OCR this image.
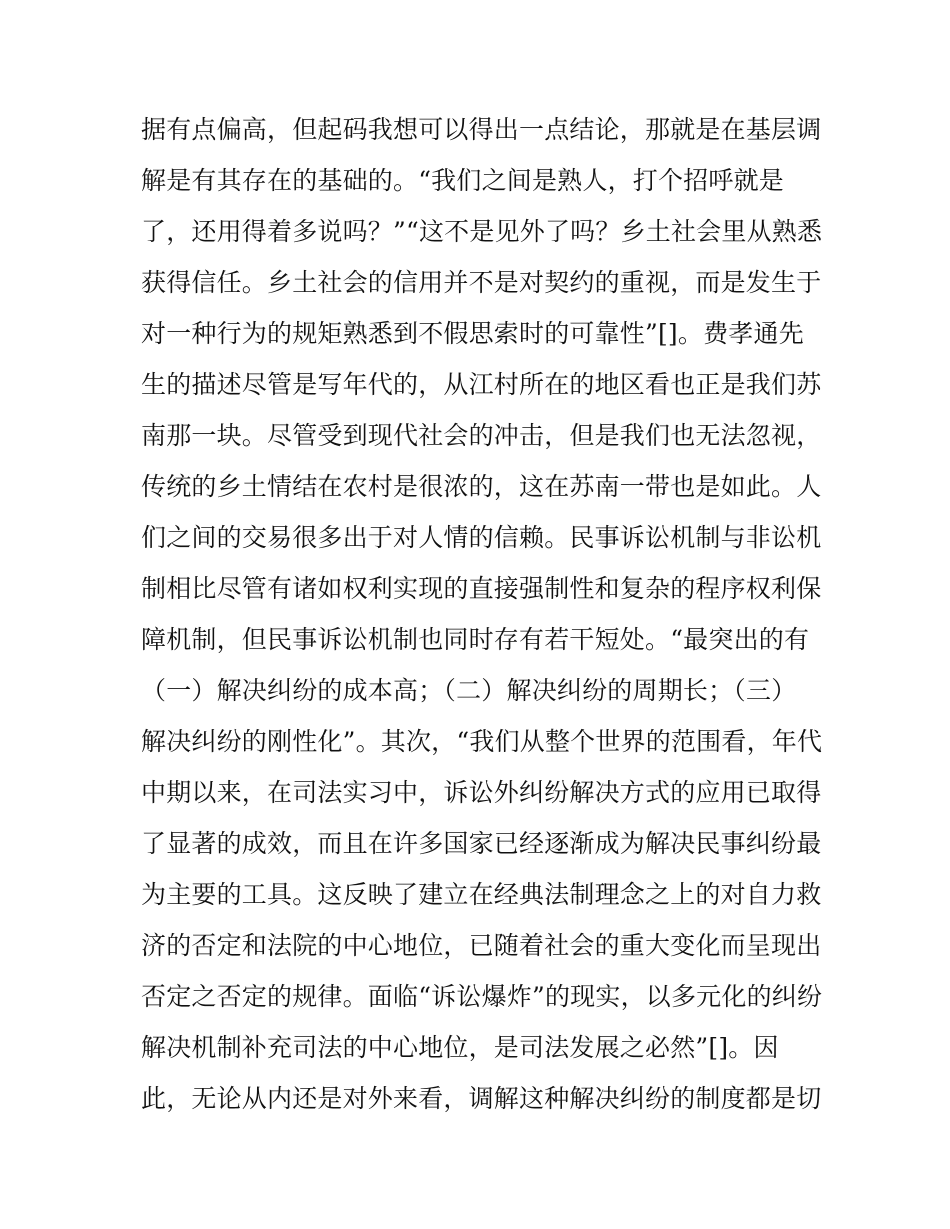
据有点偏高，但起码我想可以得出一点结论，那就是在基层调
解是有其存在的基础的。“我们之间是熟人，打个招呼就是
了，还用得着多说吗？”“这不是见外了吗？乡土社会里从熟悉
获得信任。乡土社会的信用并不是对契约的重视，而是发生于
对一种行为的规矩熟悉到不假思索时的可靠性”[]。费孝通先
生的描述尽管是写年代的，从江村所在的地区看也正是我们苏
南那一块。尽管受到现代社会的冲击，但是我们也无法忽视，
传统的乡土情结在农村是很浓的，这在苏南一带也是如此。人
们之间的交易很多出于对人情的信赖。民事诉讼机制与非讼机
制相比尽管有诸如权利实现的直接强制性和复杂的程序权利保
障机制，但民事诉讼机制也同时存有若干短处。“最突出的有
（一）解决纠纷的成本高；（二）解决纠纷的周期长；（三）
解决纠纷的刚性化”。其次，“我们从整个世界的范围看，年代
中期以来，在司法实习中，诉讼外纠纷解决方式的应用已取得
了显著的成效，而且在许多国家已经逐渐成为解决民事纠纷最
为主要的工具。这反映了建立在经典法制理念之上的对自力救
济的否定和法院的中心地位，已随着社会的重大变化而呈现出
否定之否定的规律。面临“诉讼爆炸”的现实，以多元化的纠纷
解决机制补充司法的中心地位，是司法发展之必然”[]。因
此，无论从内还是对外来看，调解这种解决纠纷的制度都是切
